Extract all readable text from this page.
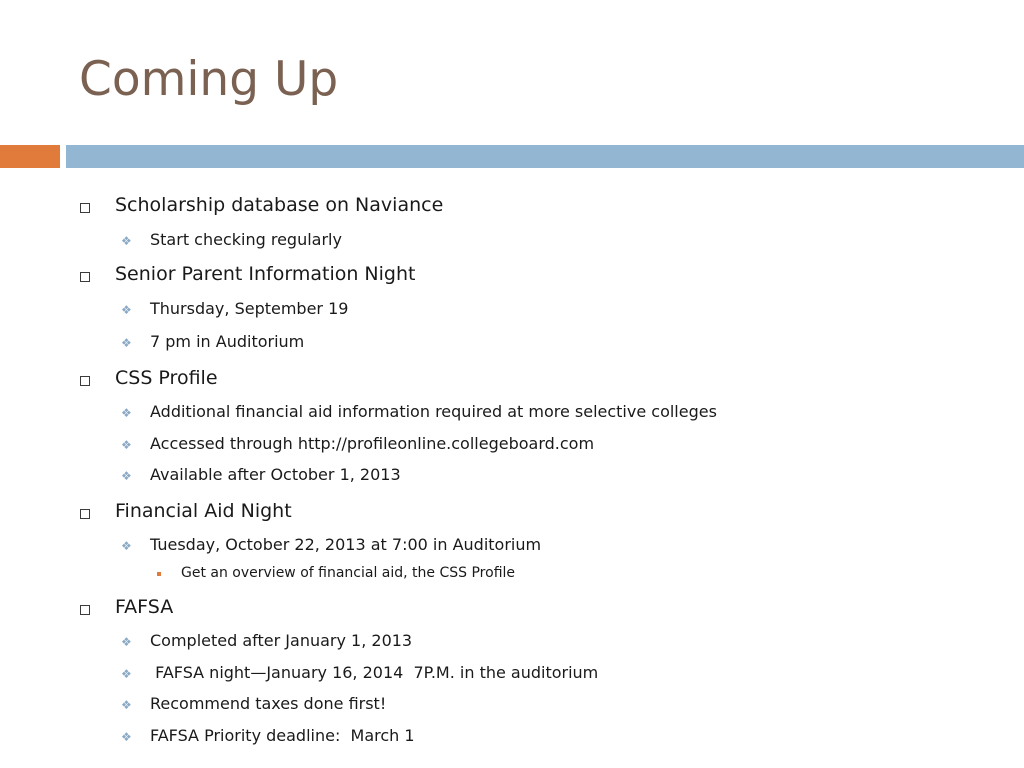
Coming Up
Scholarship database on Naviance
❖ Start checking regularly
Senior Parent Information Night
❖ Thursday, September 19
❖ 7 pm in Auditorium
CSS Profile
❖ Additional financial aid information required at more selective colleges
❖ Accessed through http://profileonline.collegeboard.com
❖ Available after October 1, 2013
Financial Aid Night
❖ Tuesday, October 22, 2013 at 7:00 in Auditorium
Get an overview of financial aid, the CSS Profile
FAFSA
❖ Completed after January 1, 2013
❖ FAFSA night—January 16, 2014  7P.M. in the auditorium
❖ Recommend taxes done first!
❖ FAFSA Priority deadline:  March 1
